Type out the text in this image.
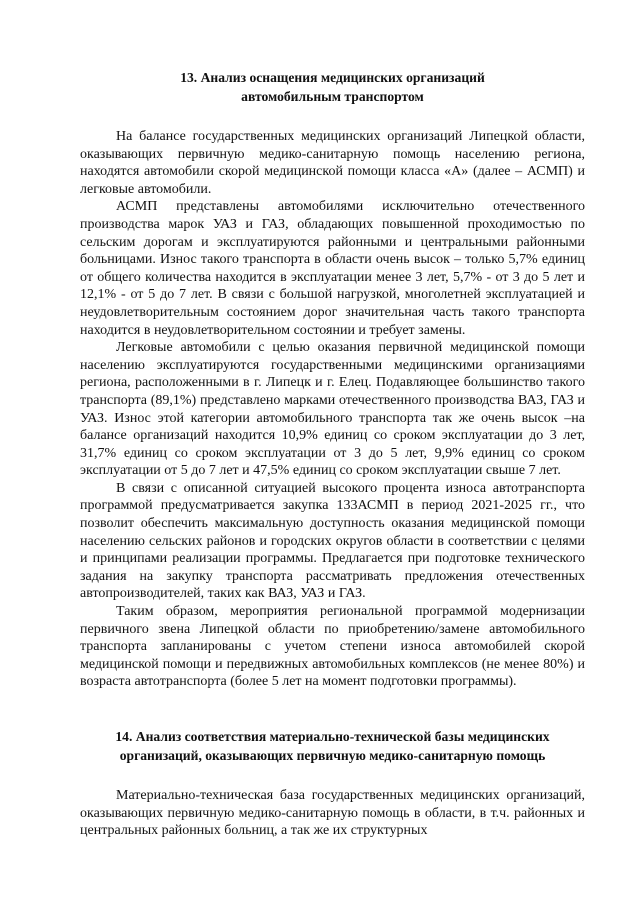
13. Анализ оснащения медицинских организаций
автомобильным транспортом

На балансе государственных медицинских организаций Липецкой области, оказывающих первичную медико-санитарную помощь населению региона, находятся автомобили скорой медицинской помощи класса «А» (далее – АСМП) и легковые автомобили.

АСМП представлены автомобилями исключительно отечественного производства марок УАЗ и ГАЗ, обладающих повышенной проходимостью по сельским дорогам и эксплуатируются районными и центральными районными больницами. Износ такого транспорта в области очень высок – только 5,7% единиц от общего количества находится в эксплуатации менее 3 лет, 5,7% - от 3 до 5 лет и 12,1% - от 5 до 7 лет. В связи с большой нагрузкой, многолетней эксплуатацией и неудовлетворительным состоянием дорог значительная часть такого транспорта находится в неудовлетворительном состоянии и требует замены.

Легковые автомобили с целью оказания первичной медицинской помощи населению эксплуатируются государственными медицинскими организациями региона, расположенными в г. Липецк и г. Елец. Подавляющее большинство такого транспорта (89,1%) представлено марками отечественного производства ВАЗ, ГАЗ и УАЗ. Износ этой категории автомобильного транспорта так же очень высок –на балансе организаций находится 10,9% единиц со сроком эксплуатации до 3 лет, 31,7% единиц со сроком эксплуатации от 3 до 5 лет, 9,9% единиц со сроком эксплуатации от 5 до 7 лет и 47,5% единиц со сроком эксплуатации свыше 7 лет.

В связи с описанной ситуацией высокого процента износа автотранспорта программой предусматривается закупка 133АСМП в период 2021-2025 гг., что позволит обеспечить максимальную доступность оказания медицинской помощи населению сельских районов и городских округов области в соответствии с целями и принципами реализации программы. Предлагается при подготовке технического задания на закупку транспорта рассматривать предложения отечественных автопроизводителей, таких как ВАЗ, УАЗ и ГАЗ.

Таким образом, мероприятия региональной программой модернизации первичного звена Липецкой области по приобретению/замене автомобильного транспорта запланированы с учетом степени износа автомобилей скорой медицинской помощи и передвижных автомобильных комплексов (не менее 80%) и возраста автотранспорта (более 5 лет на момент подготовки программы).

14. Анализ соответствия материально-технической базы медицинских
организаций, оказывающих первичную медико-санитарную помощь

Материально-техническая база государственных медицинских организаций, оказывающих первичную медико-санитарную помощь в области, в т.ч. районных и центральных районных больниц, а так же их структурных
